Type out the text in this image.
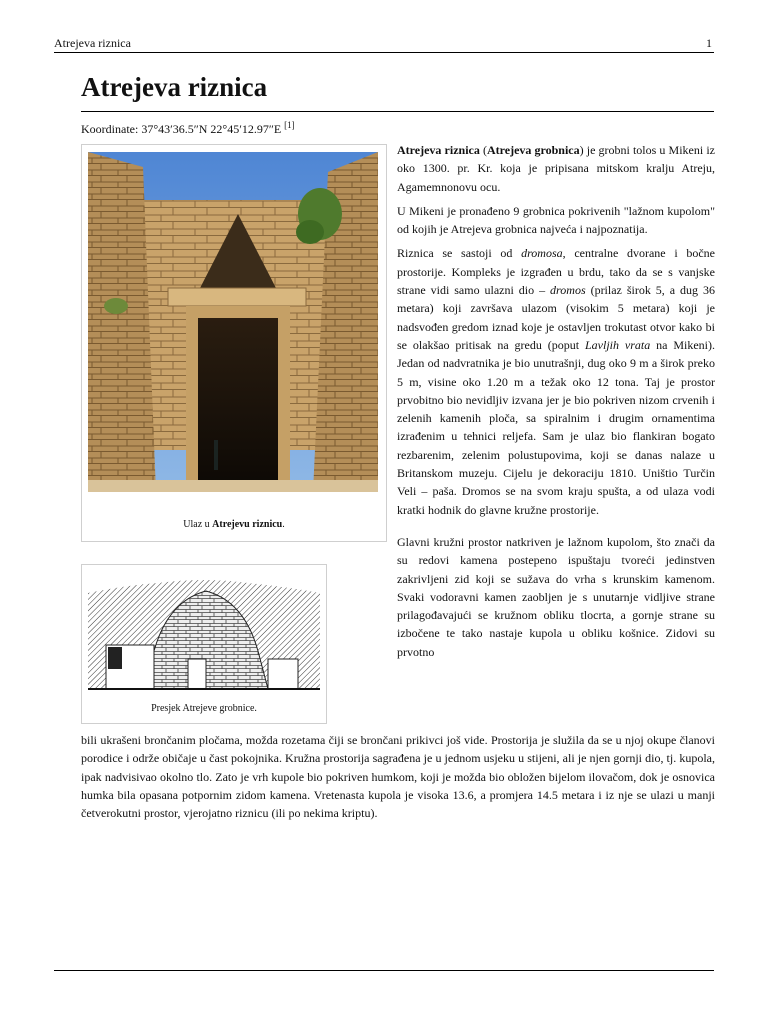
Atrejeva riznica	1
Atrejeva riznica
Koordinate: 37°43′36.5″N 22°45′12.97″E [1]
Ulaz u Atrejevu riznicu.
Presjek Atrejeve grobnice.

Atrejeva riznica (Atrejeva grobnica) je grobni tolos u Mikeni iz oko 1300. pr. Kr. koja je pripisana mitskom kralju Atreju, Agamemnonovu ocu.

U Mikeni je pronađeno 9 grobnica pokrivenih "lažnom kupolom" od kojih je Atrejeva grobnica najveća i najpoznatija.

Riznica se sastoji od dromosa, centralne dvorane i bočne prostorije. Kompleks je izgrađen u brdu, tako da se s vanjske strane vidi samo ulazni dio – dromos (prilaz širok 5, a dug 36 metara) koji završava ulazom (visokim 5 metara) koji je nadsvođen gredom iznad koje je ostavljen trokutast otvor kako bi se olakšao pritisak na gredu (poput Lavljih vrata na Mikeni). Jedan od nadvratnika je bio unutrašnji, dug oko 9 m a širok preko 5 m, visine oko 1.20 m a težak oko 12 tona. Taj je prostor prvobitno bio nevidljiv izvana jer je bio pokriven nizom crvenih i zelenih kamenih ploča, sa spiralnim i drugim ornamentima izrađenim u tehnici reljefa. Sam je ulaz bio flankiran bogato rezbarenim, zelenim polustupovima, koji se danas nalaze u Britanskom muzeju. Cijelu je dekoraciju 1810. Uništio Turčin Veli – paša. Dromos se na svom kraju spušta, a od ulaza vodi kratki hodnik do glavne kružne prostorije.

Glavni kružni prostor natkriven je lažnom kupolom, što znači da su redovi kamena postepeno ispuštaju tvoreći jedinstven zakrivljeni zid koji se sužava do vrha s krunskim kamenom. Svaki vodoravni kamen zaobljen je s unutarnje vidljive strane prilagođavajući se kružnom obliku tlocrta, a gornje strane su izbočene te tako nastaje kupola u obliku košnice. Zidovi su prvotno

bili ukrašeni brončanim pločama, možda rozetama čiji se brončani prikivci još vide. Prostorija je služila da se u njoj okupe članovi porodice i održe običaje u čast pokojnika. Kružna prostorija sagrađena je u jednom usjeku u stijeni, ali je njen gornji dio, tj. kupola, ipak nadvisivao okolno tlo. Zato je vrh kupole bio pokriven humkom, koji je možda bio obložen bijelom ilovačom, dok je osnovica humka bila opasana potpornim zidom kamena. Vretenasta kupola je visoka 13.6, a promjera 14.5 metara i iz nje se ulazi u manji četverokutni prostor, vjerojatno riznicu (ili po nekima kriptu).
